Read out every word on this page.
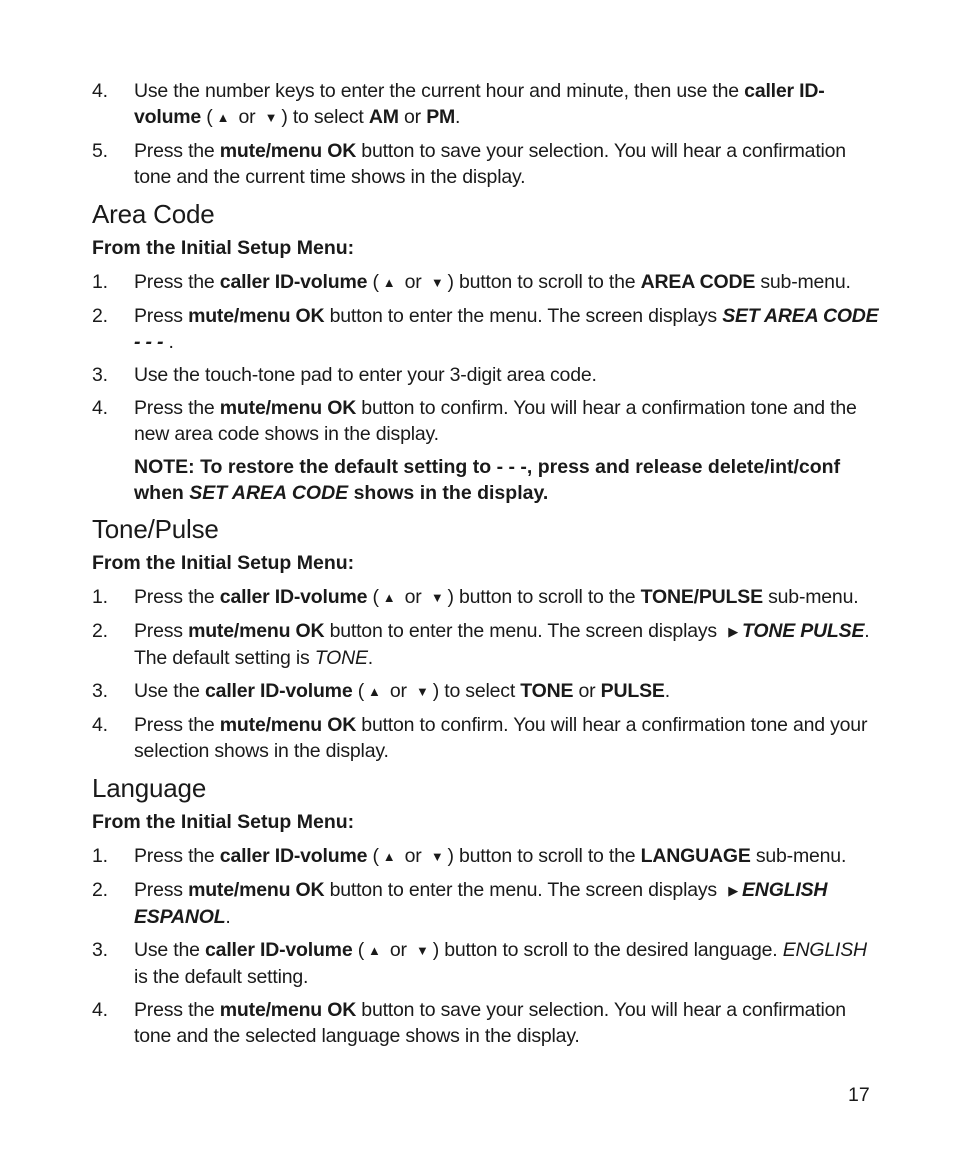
4.	Use the number keys to enter the current hour and minute, then use the caller ID-volume ( ▲ or ▼ ) to select AM or PM.
5.	Press the mute/menu OK button to save your selection. You will hear a confirmation tone and the current time shows in the display.
Area Code
From the Initial Setup Menu:
1.	Press the caller ID-volume ( ▲ or ▼ ) button to scroll to the AREA CODE sub-menu.
2.	Press mute/menu OK button to enter the menu. The screen displays SET AREA CODE - - - .
3.	Use the touch-tone pad to enter your 3-digit area code.
4.	Press the mute/menu OK button to confirm. You will hear a confirmation tone and the new area code shows in the display.
NOTE: To restore the default setting to - - -, press and release delete/int/conf when SET AREA CODE shows in the display.
Tone/Pulse
From the Initial Setup Menu:
1.	Press the caller ID-volume ( ▲ or ▼ ) button to scroll to the TONE/PULSE sub-menu.
2.	Press mute/menu OK button to enter the menu. The screen displays ▶ TONE PULSE. The default setting is TONE.
3.	Use the caller ID-volume ( ▲ or ▼ ) to select TONE or PULSE.
4.	Press the mute/menu OK button to confirm. You will hear a confirmation tone and your selection shows in the display.
Language
From the Initial Setup Menu:
1.	Press the caller ID-volume ( ▲ or ▼ ) button to scroll to the LANGUAGE sub-menu.
2.	Press mute/menu OK button to enter the menu. The screen displays ▶ ENGLISH ESPANOL.
3.	Use the caller ID-volume ( ▲ or ▼ ) button to scroll to the desired language. ENGLISH is the default setting.
4.	Press the mute/menu OK button to save your selection. You will hear a confirmation tone and the selected language shows in the display.
17
